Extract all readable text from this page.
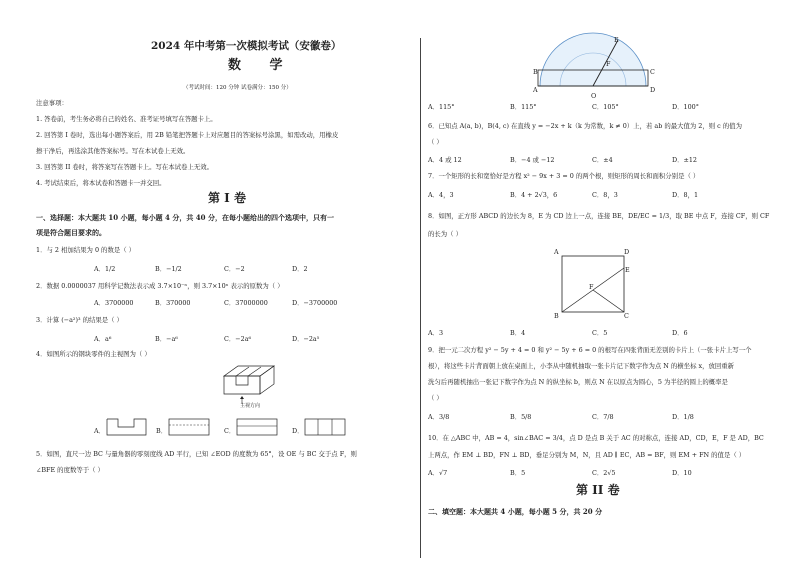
2024 年中考第一次模拟考试（安徽卷）
数 学
（考试时间：120 分钟 试卷满分：150 分）
注意事项：
1. 答卷前，考生务必将自己的姓名、准考证号填写在答题卡上。
2. 回答第 I 卷时，选出每小题答案后，用 2B 铅笔把答题卡上对应题目的答案标号涂黑，如需改动，用橡皮
擦干净后，再选涂其他答案标号。写在本试卷上无效。
3. 回答第 II 卷时，将答案写在答题卡上。写在本试卷上无效。
4. 考试结束后，将本试卷和答题卡一并交回。
第 I 卷
一、选择题：本大题共 10 小题，每小题 4 分，共 40 分，在每小题给出的四个选项中，只有一
项是符合题目要求的。
1．与 2 相加结果为 0 的数是（ ）
A．1/2	B．−1/2	C．−2	D．2
2．数据 0.0000037 用科学记数法表示成 3.7×10⁻ⁿ，则 3.7×10ⁿ 表示的原数为（ ）
A．3700000	B．370000	C．37000000	D．−3700000
3．计算 (−a²)³ 的结果是（ ）
A．a⁶	B．−a⁶	C．−2a⁶	D．−2a⁵
4．如图所示的钢块零件的主视图为（ ）
主视方向
A．	B．	C．	D．
5．如图，直尺一边 BC 与量角器的零刻度线 AD 平行，已知 ∠EOD 的度数为 65°，设 OE 与 BC 交于点 F，则
∠BFE 的度数等于（ ）
B	C
A	D
O
E
F
A．115°	B．115°	C．105°	D．100°
6．已知点 A(a, b)，B(4, c) 在直线 y = −2x + k（k 为常数，k ≠ 0）上，若 ab 的最大值为 2，则 c 的值为
（ ）
A．4 或 12	B．−4 或 −12	C．±4	D．±12
7．一个矩形的长和宽恰好是方程 x² − 9x + 3 = 0 的两个根，则矩形的周长和面积分别是（ ）
A．4，3	B．4 + 2√3，6	C．8，3	D．8，1
8．如图，正方形 ABCD 的边长为 8，E 为 CD 边上一点，连接 BE，DE/EC = 1/3，取 BE 中点 F，连接 CF，则 CF
的长为（ ）
A	D
E
F
B	C
A．3	B．4	C．5	D．6
9．把一元二次方程 y² − 5y + 4 = 0 和 y² − 5y + 6 = 0 的根写在四张背面无差别的卡片上（一张卡片上写一个
根），将这些卡片背面朝上放在桌面上，小李从中随机抽取一张卡片记下数字作为点 N 的横坐标 x，放回重新
洗匀后再随机抽出一张记下数字作为点 N 的纵坐标 b，则点 N 在以原点为圆心，5 为半径的圆上的概率是
（ ）
A．3/8	B．5/8	C．7/8	D．1/8
10．在 △ABC 中，AB = 4，sin∠BAC = 3/4，点 D 是点 B 关于 AC 的对称点，连接 AD，CD，E，F 是 AD，BC
上两点，作 EM ⊥ BD，FN ⊥ BD，垂足分别为 M，N，且 AD ∥ EC，AB = BF，则 EM + FN 的值是（ ）
A．√7	B．5	C．2√5	D．10
第 II 卷
二、填空题：本大题共 4 小题，每小题 5 分，共 20 分
